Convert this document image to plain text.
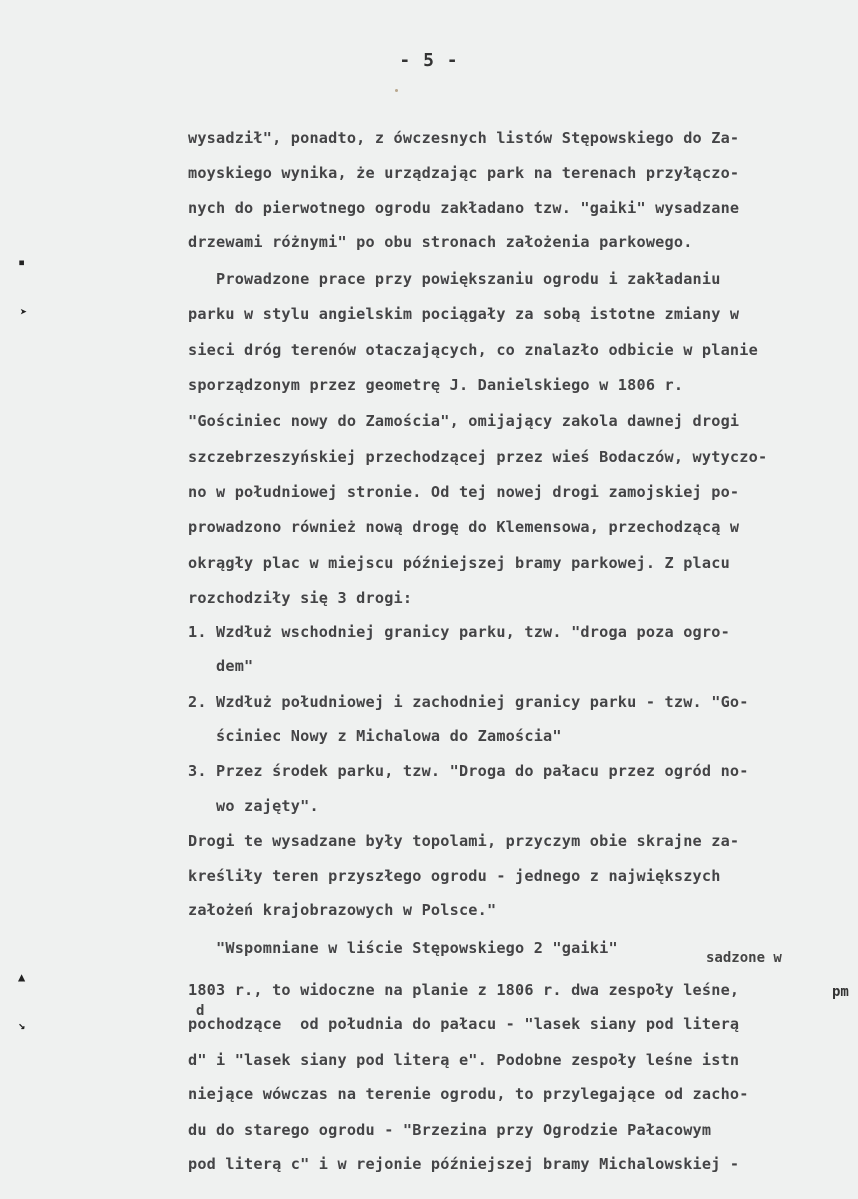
- 5 -
▪
➤
▲
↘
wysadził", ponadto, z ówczesnych listów Stępowskiego do Za-
moyskiego wynika, że urządzając park na terenach przyłączo-
nych do pierwotnego ogrodu zakładano tzw. "gaiki" wysadzane
drzewami różnymi" po obu stronach założenia parkowego.
Prowadzone prace przy powiększaniu ogrodu i zakładaniu
parku w stylu angielskim pociągały za sobą istotne zmiany w
sieci dróg terenów otaczających, co znalazło odbicie w planie
sporządzonym przez geometrę J. Danielskiego w 1806 r.
"Gościniec nowy do Zamościa", omijający zakola dawnej drogi
szczebrzeszyńskiej przechodzącej przez wieś Bodaczów, wytyczo-
no w południowej stronie. Od tej nowej drogi zamojskiej po-
prowadzono również nową drogę do Klemensowa, przechodzącą w
okrągły plac w miejscu późniejszej bramy parkowej. Z placu
rozchodziły się 3 drogi:
1. Wzdłuż wschodniej granicy parku, tzw. "droga poza ogro-
dem"
2. Wzdłuż południowej i zachodniej granicy parku - tzw. "Go-
ściniec Nowy z Michalowa do Zamościa"
3. Przez środek parku, tzw. "Droga do pałacu przez ogród no-
wo zajęty".
Drogi te wysadzane były topolami, przyczym obie skrajne za-
kreśliły teren przyszłego ogrodu - jednego z największych
założeń krajobrazowych w Polsce."
"Wspomniane w liście Stępowskiego 2 "gaiki"
1803 r., to widoczne na planie z 1806 r. dwa zespoły leśne,
pochodzące  od południa do pałacu - "lasek siany pod literą
d" i "lasek siany pod literą e". Podobne zespoły leśne istn
niejące wówczas na terenie ogrodu, to przylegające od zacho-
du do starego ogrodu - "Brzezina przy Ogrodzie Pałacowym
pod literą c" i w rejonie późniejszej bramy Michalowskiej -
sadzone w
d
pm
